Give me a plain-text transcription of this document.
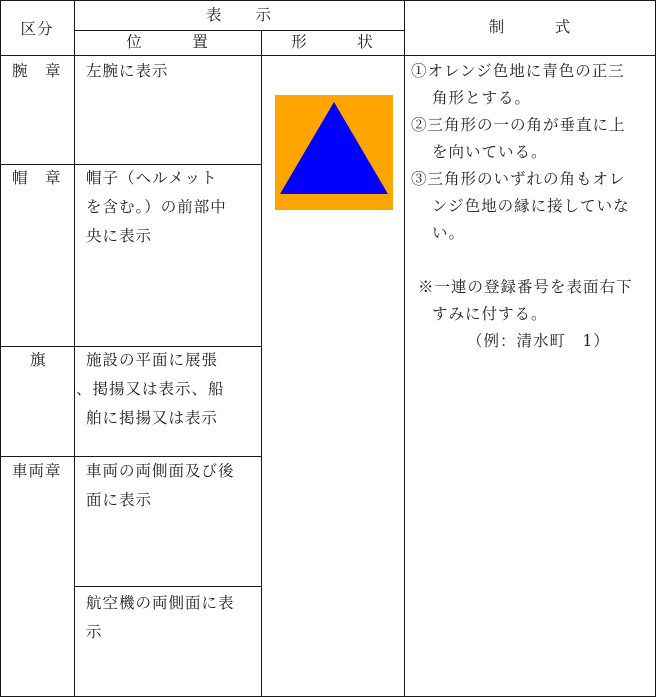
区分
表　　示
位　　　置	形　　　状
制　　　式
腕　章 左腕に表示
帽　章 帽子（ヘルメット
を含む。）の前部中
央に表示
旗	施設の平面に展張
、掲揚又は表示、船
舶に掲揚又は表示
車両章 車両の両側面及び後
面に表示
航空機の両側面に表
示
①オレンジ色地に青色の正三
角形とする。
②三角形の一の角が垂直に上
を向いている。
③三角形のいずれの角もオレ
ンジ色地の縁に接していな
い。
※一連の登録番号を表面右下
すみに付する。
（例：清水町　1）
